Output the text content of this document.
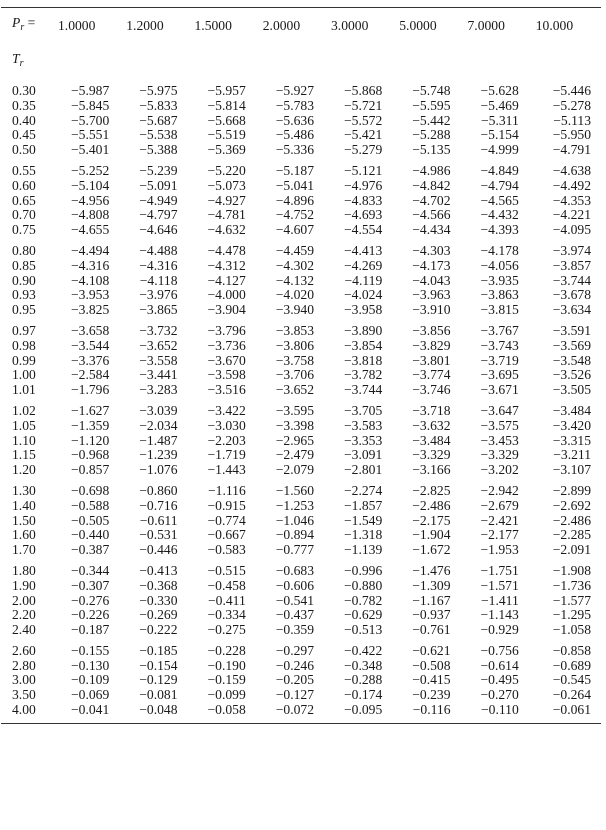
$P_r$ =	1.0000	1.2000	1.5000	2.0000	3.0000	5.0000	7.0000	10.000
$T_r$
0.30	−5.987	−5.975	−5.957	−5.927	−5.868	−5.748	−5.628	−5.446
0.35	−5.845	−5.833	−5.814	−5.783	−5.721	−5.595	−5.469	−5.278
0.40	−5.700	−5.687	−5.668	−5.636	−5.572	−5.442	−5.311	−5.113
0.45	−5.551	−5.538	−5.519	−5.486	−5.421	−5.288	−5.154	−5.950
0.50	−5.401	−5.388	−5.369	−5.336	−5.279	−5.135	−4.999	−4.791
0.55	−5.252	−5.239	−5.220	−5.187	−5.121	−4.986	−4.849	−4.638
0.60	−5.104	−5.091	−5.073	−5.041	−4.976	−4.842	−4.794	−4.492
0.65	−4.956	−4.949	−4.927	−4.896	−4.833	−4.702	−4.565	−4.353
0.70	−4.808	−4.797	−4.781	−4.752	−4.693	−4.566	−4.432	−4.221
0.75	−4.655	−4.646	−4.632	−4.607	−4.554	−4.434	−4.393	−4.095
0.80	−4.494	−4.488	−4.478	−4.459	−4.413	−4.303	−4.178	−3.974
0.85	−4.316	−4.316	−4.312	−4.302	−4.269	−4.173	−4.056	−3.857
0.90	−4.108	−4.118	−4.127	−4.132	−4.119	−4.043	−3.935	−3.744
0.93	−3.953	−3.976	−4.000	−4.020	−4.024	−3.963	−3.863	−3.678
0.95	−3.825	−3.865	−3.904	−3.940	−3.958	−3.910	−3.815	−3.634
0.97	−3.658	−3.732	−3.796	−3.853	−3.890	−3.856	−3.767	−3.591
0.98	−3.544	−3.652	−3.736	−3.806	−3.854	−3.829	−3.743	−3.569
0.99	−3.376	−3.558	−3.670	−3.758	−3.818	−3.801	−3.719	−3.548
1.00	−2.584	−3.441	−3.598	−3.706	−3.782	−3.774	−3.695	−3.526
1.01	−1.796	−3.283	−3.516	−3.652	−3.744	−3.746	−3.671	−3.505
1.02	−1.627	−3.039	−3.422	−3.595	−3.705	−3.718	−3.647	−3.484
1.05	−1.359	−2.034	−3.030	−3.398	−3.583	−3.632	−3.575	−3.420
1.10	−1.120	−1.487	−2.203	−2.965	−3.353	−3.484	−3.453	−3.315
1.15	−0.968	−1.239	−1.719	−2.479	−3.091	−3.329	−3.329	−3.211
1.20	−0.857	−1.076	−1.443	−2.079	−2.801	−3.166	−3.202	−3.107
1.30	−0.698	−0.860	−1.116	−1.560	−2.274	−2.825	−2.942	−2.899
1.40	−0.588	−0.716	−0.915	−1.253	−1.857	−2.486	−2.679	−2.692
1.50	−0.505	−0.611	−0.774	−1.046	−1.549	−2.175	−2.421	−2.486
1.60	−0.440	−0.531	−0.667	−0.894	−1.318	−1.904	−2.177	−2.285
1.70	−0.387	−0.446	−0.583	−0.777	−1.139	−1.672	−1.953	−2.091
1.80	−0.344	−0.413	−0.515	−0.683	−0.996	−1.476	−1.751	−1.908
1.90	−0.307	−0.368	−0.458	−0.606	−0.880	−1.309	−1.571	−1.736
2.00	−0.276	−0.330	−0.411	−0.541	−0.782	−1.167	−1.411	−1.577
2.20	−0.226	−0.269	−0.334	−0.437	−0.629	−0.937	−1.143	−1.295
2.40	−0.187	−0.222	−0.275	−0.359	−0.513	−0.761	−0.929	−1.058
2.60	−0.155	−0.185	−0.228	−0.297	−0.422	−0.621	−0.756	−0.858
2.80	−0.130	−0.154	−0.190	−0.246	−0.348	−0.508	−0.614	−0.689
3.00	−0.109	−0.129	−0.159	−0.205	−0.288	−0.415	−0.495	−0.545
3.50	−0.069	−0.081	−0.099	−0.127	−0.174	−0.239	−0.270	−0.264
4.00	−0.041	−0.048	−0.058	−0.072	−0.095	−0.116	−0.110	−0.061
